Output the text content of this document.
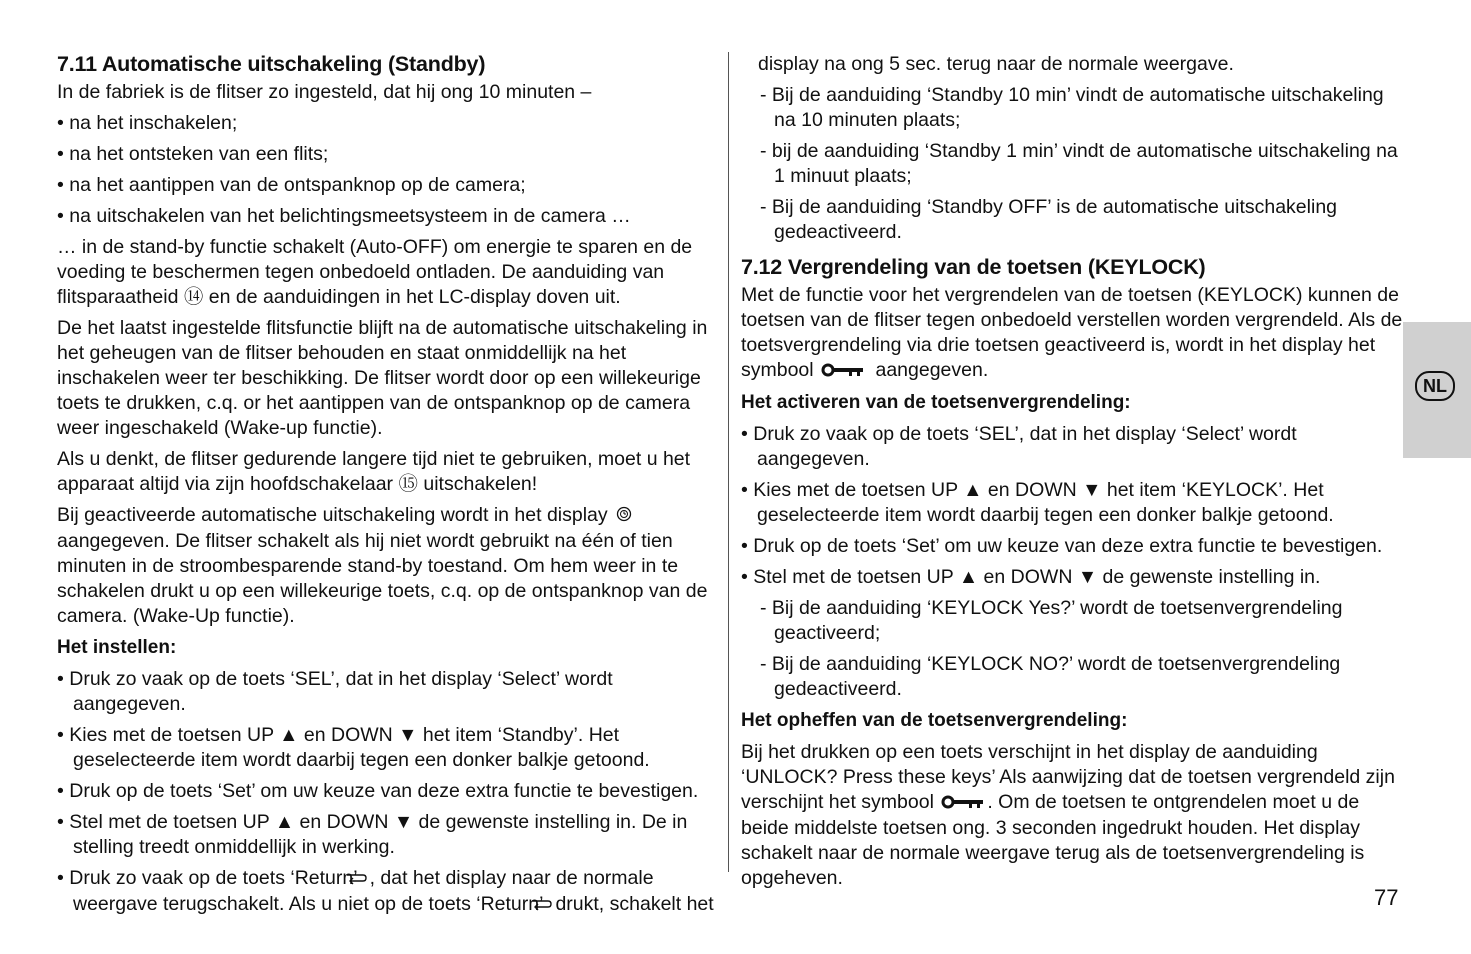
7.11 Automatische uitschakeling (Standby)

In de fabriek is de flitser zo ingesteld, dat hij ong 10 minuten –

• na het inschakelen;
• na het ontsteken van een flits;
• na het aantippen van de ontspanknop op de camera;
• na uitschakelen van het belichtingsmeetsysteem in de camera …

… in de stand-by functie schakelt (Auto-OFF) om energie te sparen en de voeding te beschermen tegen onbedoeld ontladen. De aanduiding van flitsparaatheid ⑭ en de aanduidingen in het LC-display doven uit.

De het laatst ingestelde flitsfunctie blijft na de automatische uitschakeling in het geheugen van de flitser behouden en staat onmiddellijk na het inschakelen weer ter beschikking. De flitser wordt door op een willekeurige toets te drukken, c.q. or het aantippen van de ontspanknop op de camera weer ingeschakeld (Wake-up functie).

Als u denkt, de flitser gedurende langere tijd niet te gebruiken, moet u het apparaat altijd via zijn hoofdschakelaar ⑮ uitschakelen!

Bij geactiveerde automatische uitschakeling wordt in het display  aangegeven. De flitser schakelt als hij niet wordt gebruikt na één of tien minuten in de stroombesparende stand-by toestand. Om hem weer in te schakelen drukt u op een willekeurige toets, c.q. op de ontspanknop van de camera. (Wake-Up functie).

Het instellen:
• Druk zo vaak op de toets ‘SEL’, dat in het display ‘Select’ wordt aangegeven.
• Kies met de toetsen UP ▲ en DOWN ▼ het item ‘Standby’. Het geselecteerde item wordt daarbij tegen een donker balkje getoond.
• Druk op de toets ‘Set’ om uw keuze van deze extra functie te bevestigen.
• Stel met de toetsen UP ▲ en DOWN ▼ de gewenste instelling in. De in stelling treedt onmiddellijk in werking.
• Druk zo vaak op de toets ‘Return’ , dat het display naar de normale weergave terugschakelt. Als u niet op de toets ‘Return’ drukt, schakelt het

display na ong 5 sec. terug naar de normale weergave.

- Bij de aanduiding ‘Standby 10 min’ vindt de automatische uitschakeling na 10 minuten plaats;
- bij de aanduiding ‘Standby 1 min’ vindt de automatische uitschakeling na 1 minuut plaats;
- Bij de aanduiding ‘Standby OFF’ is de automatische uitschakeling gedeactiveerd.
7.12 Vergrendeling van de toetsen (KEYLOCK)

Met de functie voor het vergrendelen van de toetsen (KEYLOCK) kunnen de toetsen van de flitser tegen onbedoeld verstellen worden vergrendeld. Als de toetsvergrendeling via drie toetsen geactiveerd is, wordt in het display het symbool	aangegeven.

Het activeren van de toetsenvergrendeling:
• Druk zo vaak op de toets ‘SEL’, dat in het display ‘Select’ wordt aangegeven.
• Kies met de toetsen UP ▲ en DOWN ▼ het item ‘KEYLOCK’. Het geselecteerde item wordt daarbij tegen een donker balkje getoond.
• Druk op de toets ‘Set’ om uw keuze van deze extra functie te bevestigen.
• Stel met de toetsen UP ▲ en DOWN ▼ de gewenste instelling in.
- Bij de aanduiding ‘KEYLOCK Yes?’ wordt de toetsenvergrendeling geactiveerd;
- Bij de aanduiding ‘KEYLOCK NO?’ wordt de toetsenvergrendeling gedeactiveerd.
Het opheffen van de toetsenvergrendeling:

Bij het drukken op een toets verschijnt in het display de aanduiding ‘UNLOCK? Press these keys’ Als aanwijzing dat de toetsen vergrendeld zijn verschijnt het symbool	. Om de toetsen te ontgrendelen moet u de beide middelste toetsen ong. 3 seconden ingedrukt houden. Het display schakelt naar de normale weergave terug als de toetsenvergrendeling is opgeheven.

NL
77
